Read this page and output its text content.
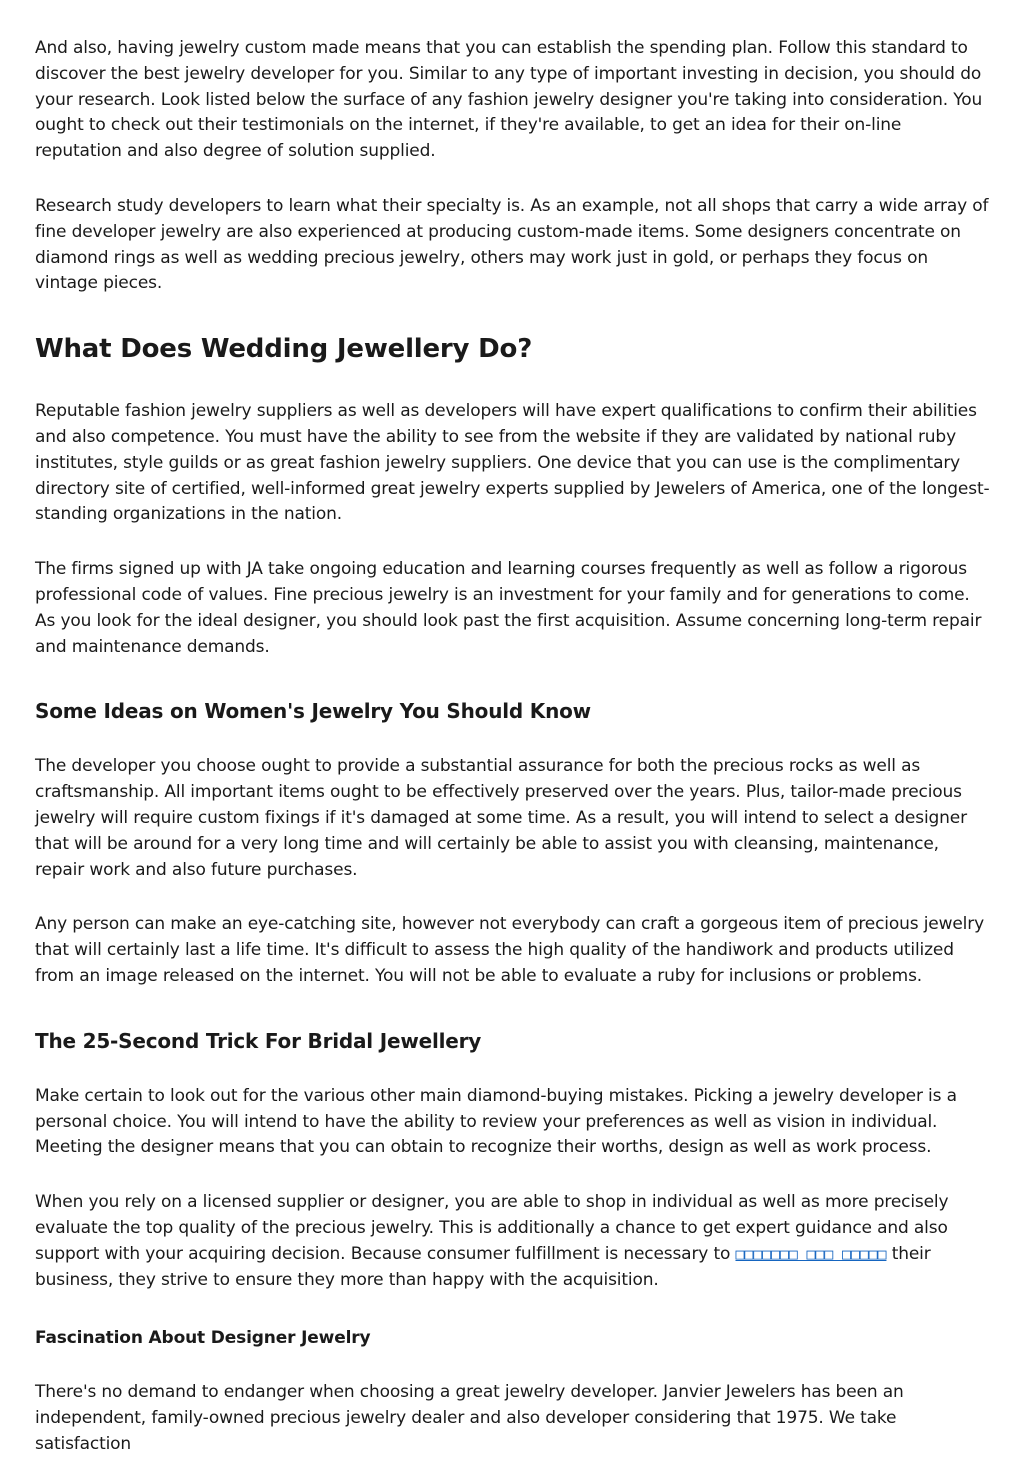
And also, having jewelry custom made means that you can establish the spending plan. Follow this standard to discover the best jewelry developer for you. Similar to any type of important investing in decision, you should do your research. Look listed below the surface of any fashion jewelry designer you're taking into consideration. You ought to check out their testimonials on the internet, if they're available, to get an idea for their on-line reputation and also degree of solution supplied.

Research study developers to learn what their specialty is. As an example, not all shops that carry a wide array of fine developer jewelry are also experienced at producing custom-made items. Some designers concentrate on diamond rings as well as wedding precious jewelry, others may work just in gold, or perhaps they focus on vintage pieces.

What Does Wedding Jewellery Do?

Reputable fashion jewelry suppliers as well as developers will have expert qualifications to confirm their abilities and also competence. You must have the ability to see from the website if they are validated by national ruby institutes, style guilds or as great fashion jewelry suppliers. One device that you can use is the complimentary directory site of certified, well-informed great jewelry experts supplied by Jewelers of America, one of the longest-standing organizations in the nation.

The firms signed up with JA take ongoing education and learning courses frequently as well as follow a rigorous professional code of values. Fine precious jewelry is an investment for your family and for generations to come. As you look for the ideal designer, you should look past the first acquisition. Assume concerning long-term repair and maintenance demands.

Some Ideas on Women's Jewelry You Should Know

The developer you choose ought to provide a substantial assurance for both the precious rocks as well as craftsmanship. All important items ought to be effectively preserved over the years. Plus, tailor-made precious jewelry will require custom fixings if it's damaged at some time. As a result, you will intend to select a designer that will be around for a very long time and will certainly be able to assist you with cleansing, maintenance, repair work and also future purchases.

Any person can make an eye-catching site, however not everybody can craft a gorgeous item of precious jewelry that will certainly last a life time. It's difficult to assess the high quality of the handiwork and products utilized from an image released on the internet. You will not be able to evaluate a ruby for inclusions or problems.

The 25-Second Trick For Bridal Jewellery

Make certain to look out for the various other main diamond-buying mistakes. Picking a jewelry developer is a personal choice. You will intend to have the ability to review your preferences as well as vision in individual. Meeting the designer means that you can obtain to recognize their worths, design as well as work process.

When you rely on a licensed supplier or designer, you are able to shop in individual as well as more precisely evaluate the top quality of the precious jewelry. This is additionally a chance to get expert guidance and also support with your acquiring decision. Because consumer fulfillment is necessary to □□□□□□□ □□□ □□□□□ their business, they strive to ensure they more than happy with the acquisition.

Fascination About Designer Jewelry

There's no demand to endanger when choosing a great jewelry developer. Janvier Jewelers has been an independent, family-owned precious jewelry dealer and also developer considering that 1975. We take satisfaction
